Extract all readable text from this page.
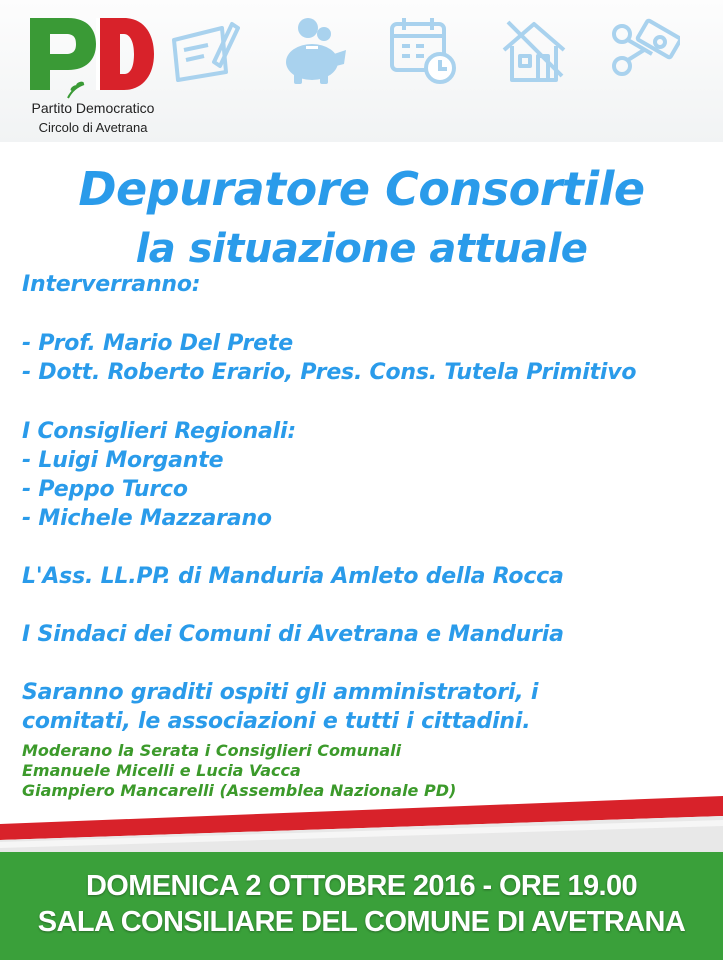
Partito Democratico
Circolo di Avetrana
Depuratore Consortile
la situazione attuale
Interverranno:
- Prof. Mario Del Prete
- Dott. Roberto Erario, Pres. Cons. Tutela Primitivo
I Consiglieri Regionali:
- Luigi Morgante
- Peppo Turco
- Michele Mazzarano
L'Ass. LL.PP. di Manduria Amleto della Rocca
I Sindaci dei Comuni di Avetrana e Manduria
Saranno graditi ospiti gli amministratori, i
comitati, le associazioni e tutti i cittadini.
Moderano la Serata i Consiglieri Comunali
Emanuele Micelli e Lucia Vacca
Giampiero Mancarelli (Assemblea Nazionale PD)
DOMENICA 2 OTTOBRE 2016 - ORE 19.00
SALA CONSILIARE DEL COMUNE DI AVETRANA
